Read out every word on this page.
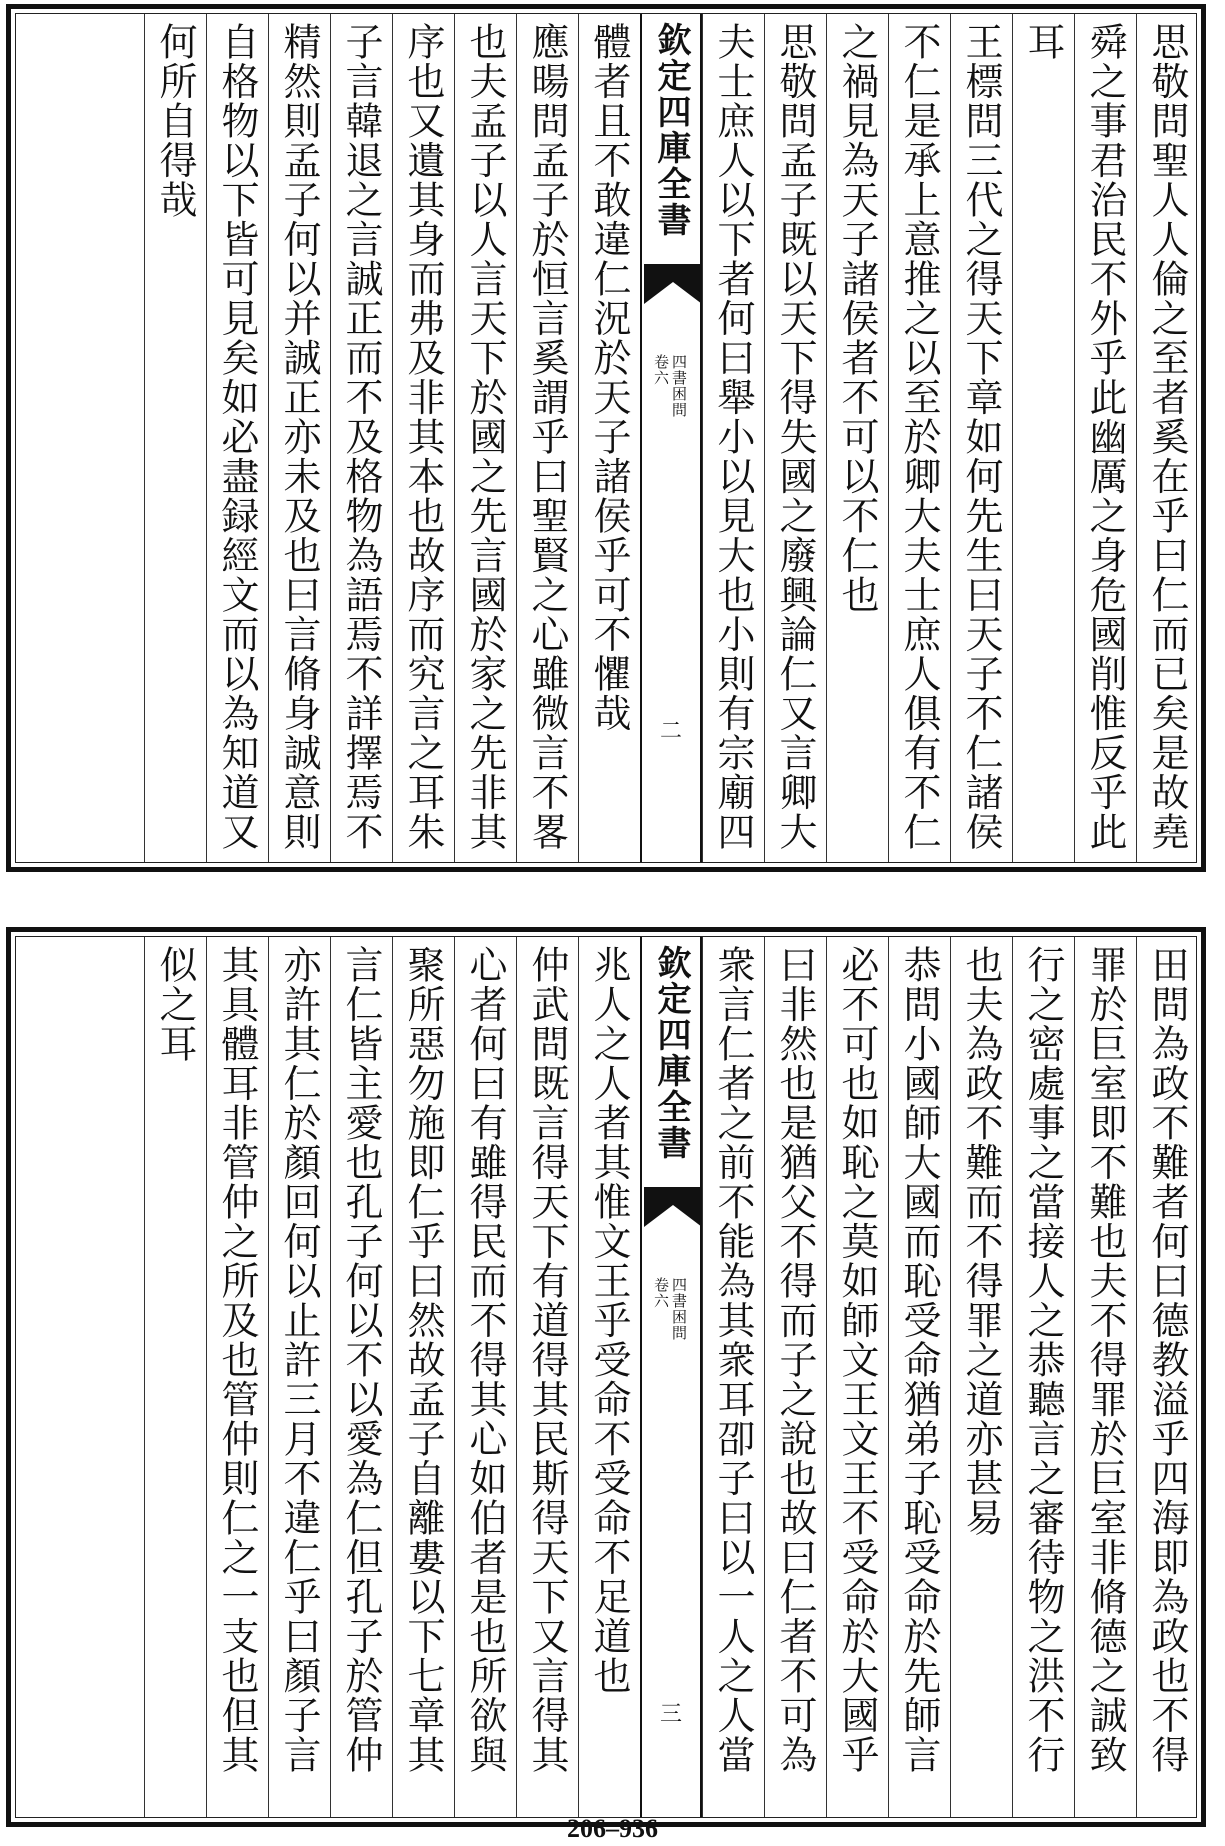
思敬問聖人人倫之至者奚在乎曰仁而已矣是故堯
舜之事君治民不外乎此幽厲之身危國削惟反乎此
耳
王標問三代之得天下章如何先生曰天子不仁諸侯
不仁是承上意推之以至於卿大夫士庶人俱有不仁
之禍見為天子諸侯者不可以不仁也
思敬問孟子既以天下得失國之廢興論仁又言卿大
夫士庶人以下者何曰舉小以見大也小則有宗廟四
欽定四庫全書
四書困問
卷六
二
體者且不敢違仁況於天子諸侯乎可不懼哉
應暘問孟子於恒言奚謂乎曰聖賢之心雖微言不畧
也夫孟子以人言天下於國之先言國於家之先非其
序也又遺其身而弗及非其本也故序而究言之耳朱
子言韓退之言誠正而不及格物為語焉不詳擇焉不
精然則孟子何以并誠正亦未及也曰言脩身誠意則
自格物以下皆可見矣如必盡録經文而以為知道又
何所自得哉
田問為政不難者何曰德教溢乎四海即為政也不得
罪於巨室即不難也夫不得罪於巨室非脩德之誠致
行之密處事之當接人之恭聽言之審待物之洪不行
也夫為政不難而不得罪之道亦甚易
恭問小國師大國而恥受命猶弟子恥受命於先師言
必不可也如恥之莫如師文王文王不受命於大國乎
曰非然也是猶父不得而子之說也故曰仁者不可為
衆言仁者之前不能為其衆耳卲子曰以一人之人當
欽定四庫全書
四書困問
卷六
三
兆人之人者其惟文王乎受命不受命不足道也
仲武問既言得天下有道得其民斯得天下又言得其
心者何曰有雖得民而不得其心如伯者是也所欲與
聚所惡勿施即仁乎曰然故孟子自離婁以下七章其
言仁皆主愛也孔子何以不以愛為仁但孔子於管仲
亦許其仁於顏回何以止許三月不違仁乎曰顏子言
其具體耳非管仲之所及也管仲則仁之一支也但其
似之耳
206–936
